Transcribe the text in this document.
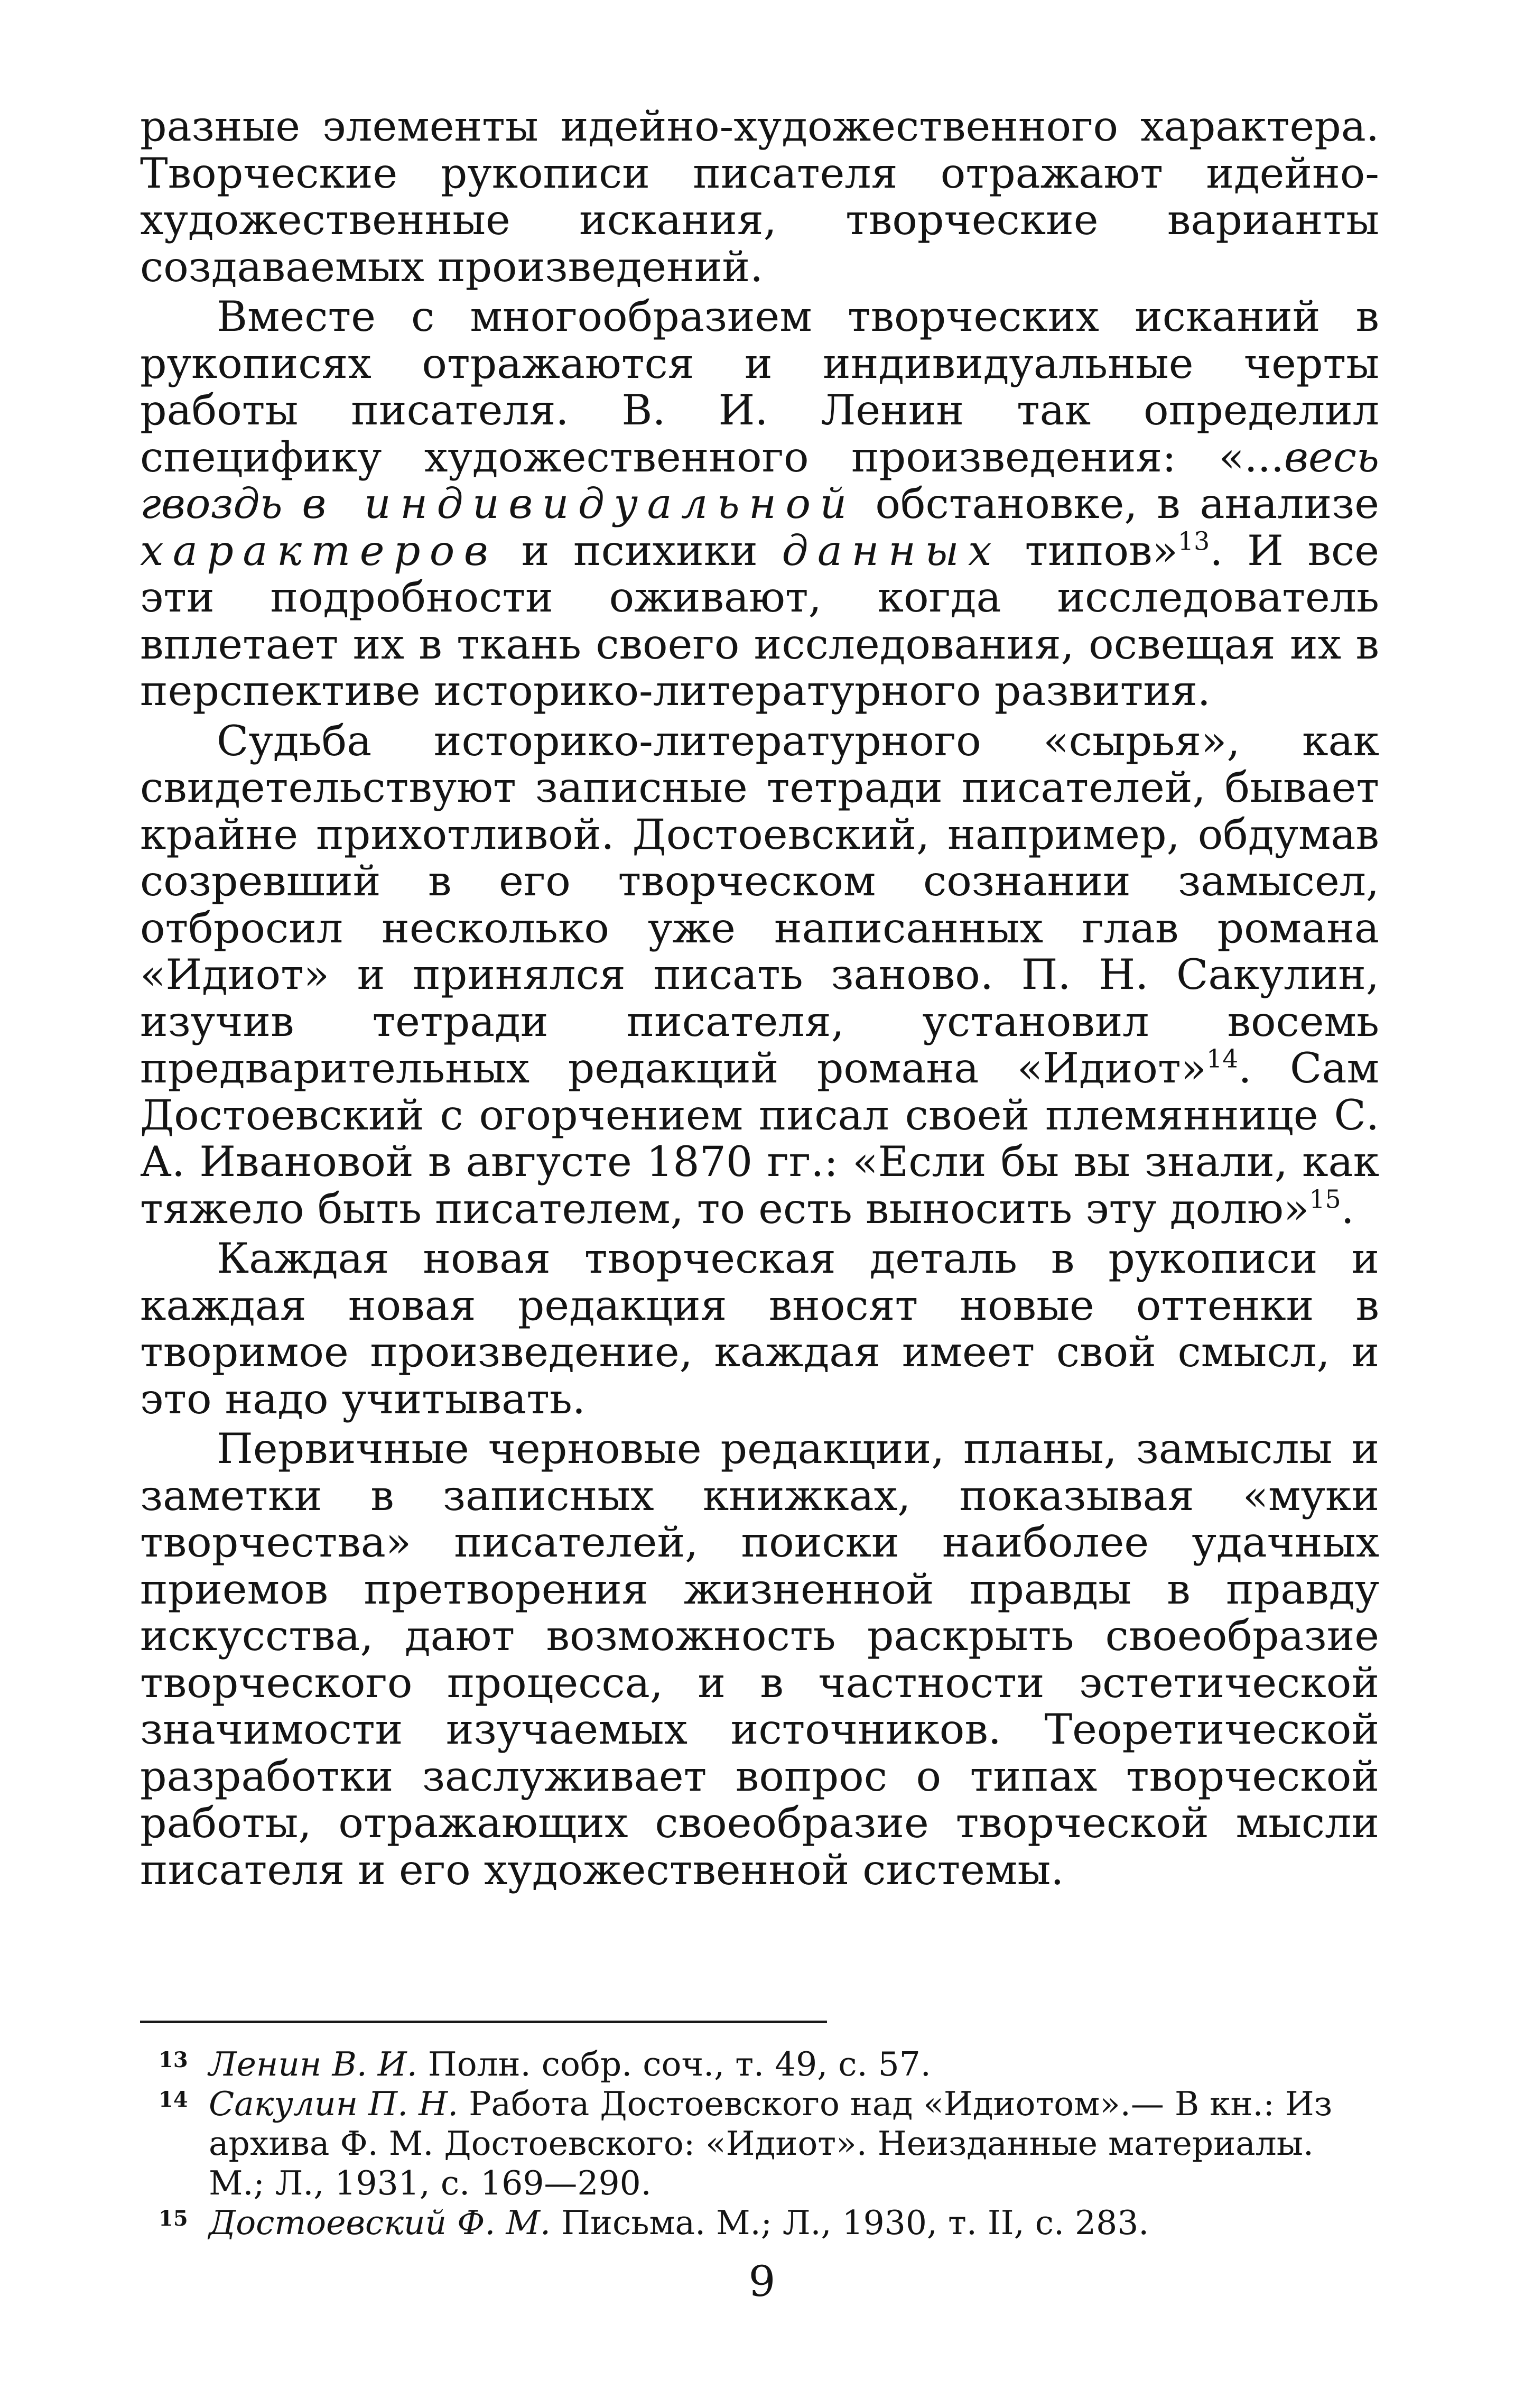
разные элементы идейно-художественного характера. Творческие рукописи писателя отражают идейно-художественные искания, творческие варианты создаваемых произведений.

Вместе с многообразием творческих исканий в рукописях отражаются и индивидуальные черты работы писателя. В. И. Ленин так определил специфику художественного произведения: «...весь гвоздь в индивидуальной обстановке, в анализе характеров и психики данных типов»$^{13}$. И все эти подробности оживают, когда исследователь вплетает их в ткань своего исследования, освещая их в перспективе историко-литературного развития.

Судьба историко-литературного «сырья», как свидетельствуют записные тетради писателей, бывает крайне прихотливой. Достоевский, например, обдумав созревший в его творческом сознании замысел, отбросил несколько уже написанных глав романа «Идиот» и принялся писать заново. П. Н. Сакулин, изучив тетради писателя, установил восемь предварительных редакций романа «Идиот»$^{14}$. Сам Достоевский с огорчением писал своей племяннице С. А. Ивановой в августе 1870 гг.: «Если бы вы знали, как тяжело быть писателем, то есть выносить эту долю»$^{15}$.

Каждая новая творческая деталь в рукописи и каждая новая редакция вносят новые оттенки в творимое произведение, каждая имеет свой смысл, и это надо учитывать.

Первичные черновые редакции, планы, замыслы и заметки в записных книжках, показывая «муки творчества» писателей, поиски наиболее удачных приемов претворения жизненной правды в правду искусства, дают возможность раскрыть своеобразие творческого процесса, и в частности эстетической значимости изучаемых источников. Теоретической разработки заслуживает вопрос о типах творческой работы, отражающих своеобразие творческой мысли писателя и его художественной системы.

13 Ленин В. И. Полн. собр. соч., т. 49, с. 57.

14 Сакулин П. Н. Работа Достоевского над «Идиотом».— В кн.: Из архива Ф. М. Достоевского: «Идиот». Неизданные материалы. М.; Л., 1931, с. 169—290.

15 Достоевский Ф. М. Письма. М.; Л., 1930, т. II, с. 283.

9
